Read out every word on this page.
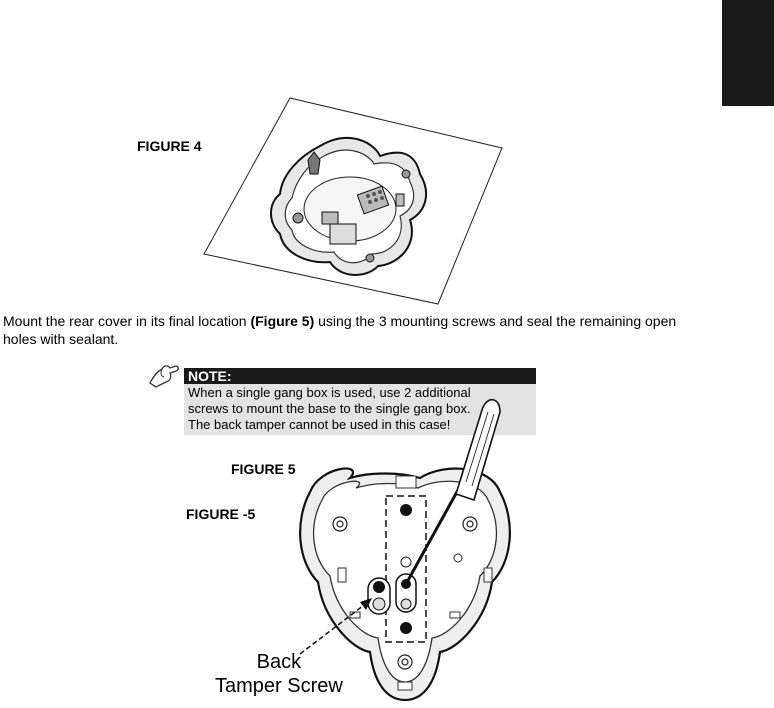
FIGURE 4
Mount the rear cover in its final location (Figure 5) using the 3 mounting screws and seal the remaining open holes with sealant.
NOTE:
When a single gang box is used, use 2 additional
screws to mount the base to the single gang box.
The back tamper cannot be used in this case!
FIGURE 5
FIGURE -5
Back
Tamper Screw
